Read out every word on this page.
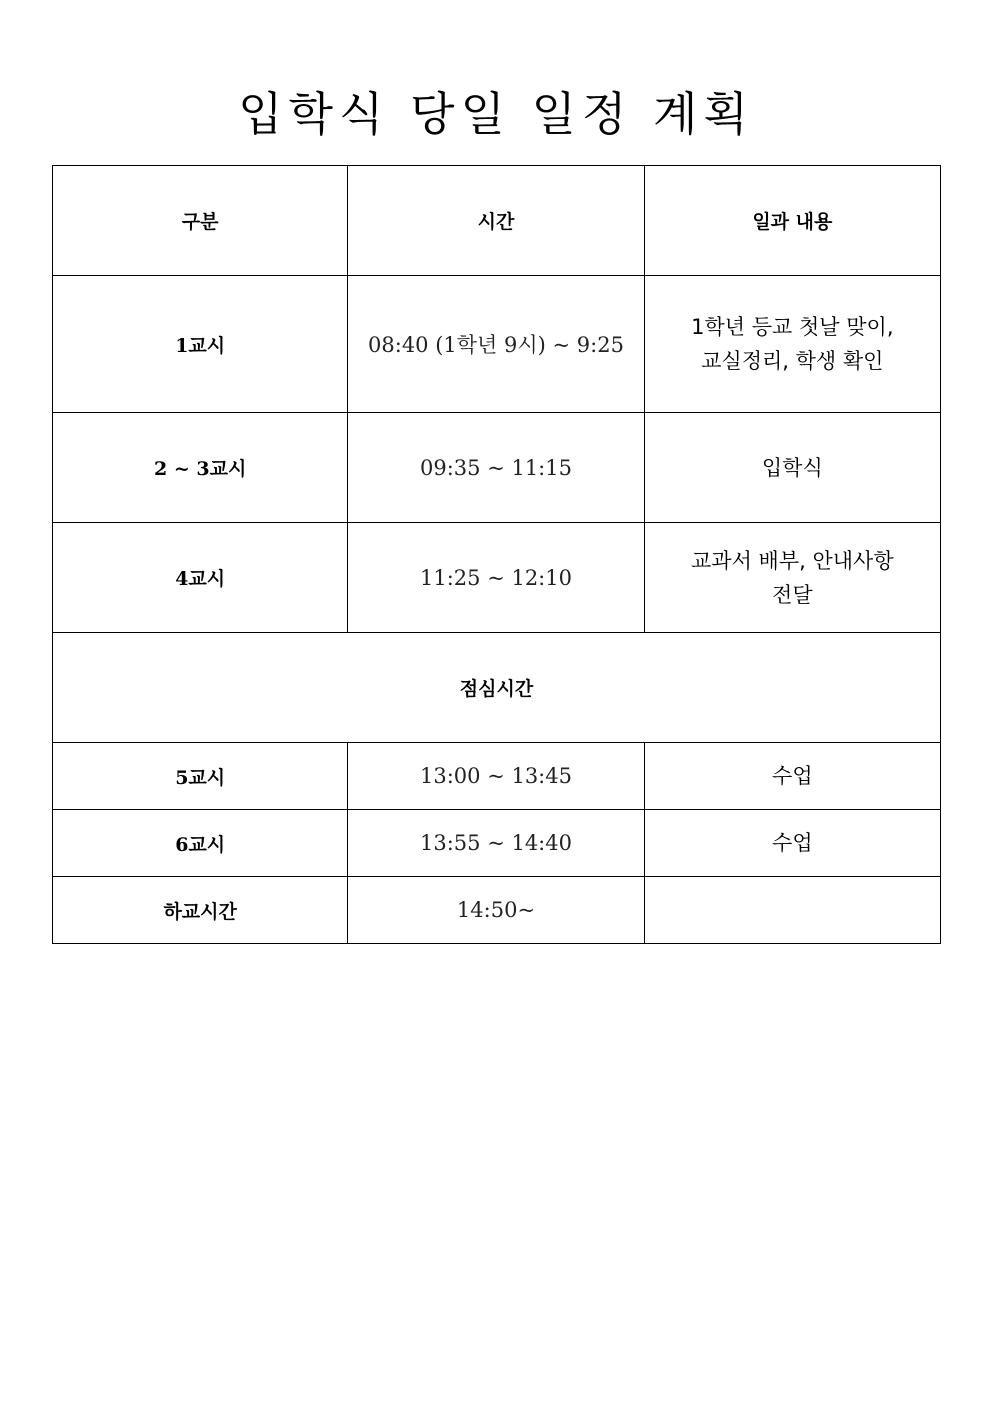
입학식 당일 일정 계획
구분	시간	일과 내용
1교시	08:40 (1학년 9시) ~ 9:25	1학년 등교 첫날 맞이,
교실정리, 학생 확인

2 ~ 3교시	09:35 ~ 11:15	입학식

4교시	11:25 ~ 12:10	교과서 배부, 안내사항
전달

점심시간		
5교시	13:00 ~ 13:45	수업
6교시	13:55 ~ 14:40	수업
하교시간	14:50~	
